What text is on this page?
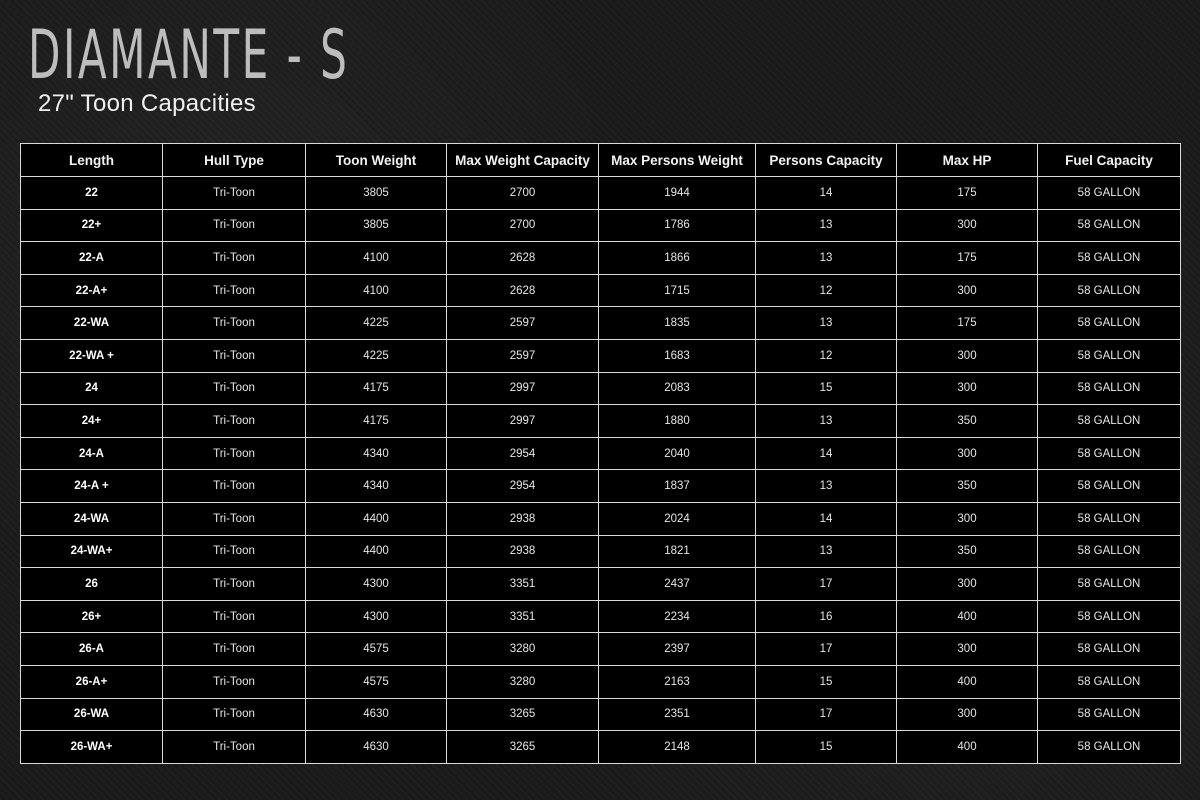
DIAMANTE - S
27" Toon Capacities
Length	Hull Type	Toon Weight	Max Weight Capacity	Max Persons Weight	Persons Capacity	Max HP	Fuel Capacity
22	Tri-Toon	3805	2700	1944	14	175	58 GALLON
22+	Tri-Toon	3805	2700	1786	13	300	58 GALLON
22-A	Tri-Toon	4100	2628	1866	13	175	58 GALLON
22-A+	Tri-Toon	4100	2628	1715	12	300	58 GALLON
22-WA	Tri-Toon	4225	2597	1835	13	175	58 GALLON
22-WA +	Tri-Toon	4225	2597	1683	12	300	58 GALLON
24	Tri-Toon	4175	2997	2083	15	300	58 GALLON
24+	Tri-Toon	4175	2997	1880	13	350	58 GALLON
24-A	Tri-Toon	4340	2954	2040	14	300	58 GALLON
24-A +	Tri-Toon	4340	2954	1837	13	350	58 GALLON
24-WA	Tri-Toon	4400	2938	2024	14	300	58 GALLON
24-WA+	Tri-Toon	4400	2938	1821	13	350	58 GALLON
26	Tri-Toon	4300	3351	2437	17	300	58 GALLON
26+	Tri-Toon	4300	3351	2234	16	400	58 GALLON
26-A	Tri-Toon	4575	3280	2397	17	300	58 GALLON
26-A+	Tri-Toon	4575	3280	2163	15	400	58 GALLON
26-WA	Tri-Toon	4630	3265	2351	17	300	58 GALLON
26-WA+	Tri-Toon	4630	3265	2148	15	400	58 GALLON
